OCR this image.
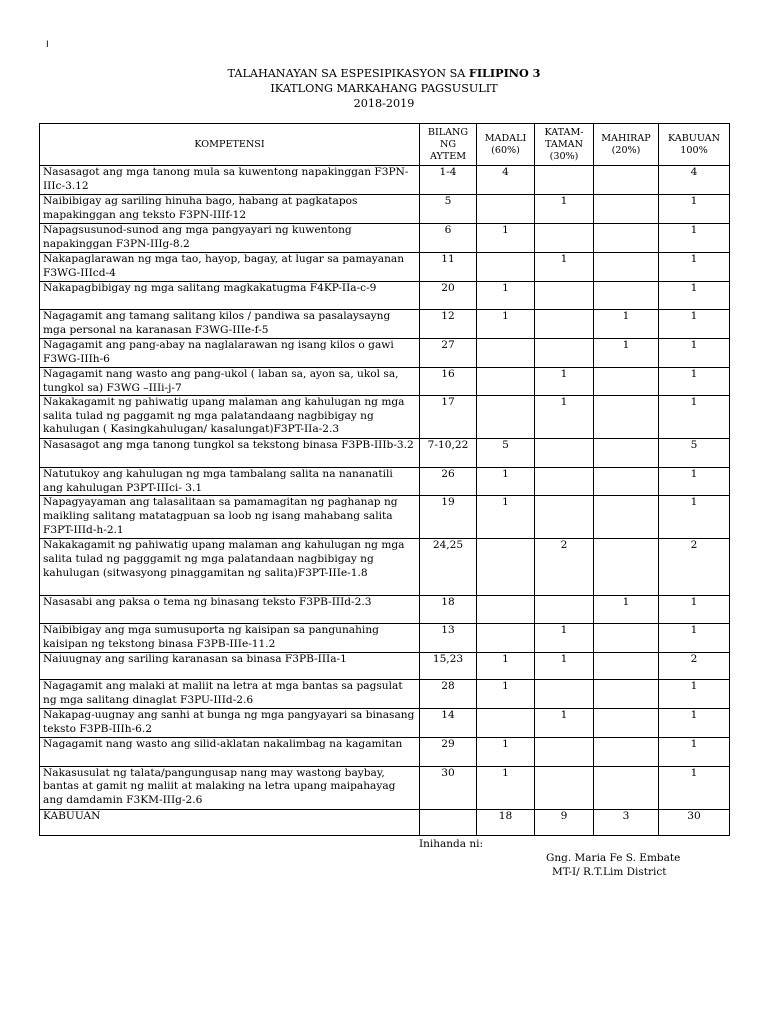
I
TALAHANAYAN SA ESPESIPIKASYON SA FILIPINO 3
IKATLONG MARKAHANG PAGSUSULIT
2018-2019
KOMPETENSI	BILANG NG AYTEM	MADALI (60%)	KATAM-TAMAN (30%)	MAHIRAP (20%)	KABUUAN 100%
Nasasagot ang mga tanong mula sa kuwentong napakinggan F3PN-IIIc-3.12	1-4	4			4
Naibibigay ag sariling hinuha bago, habang at pagkatapos mapakinggan ang teksto F3PN-IIIf-12	5		1		1
Napagsusunod-sunod ang mga pangyayari ng kuwentong napakinggan F3PN-IIIg-8.2	6	1			1
Nakapaglarawan ng mga tao, hayop, bagay, at lugar sa pamayanan F3WG-IIIcd-4	11		1		1
Nakapagbibigay ng mga salitang magkakatugma F4KP-IIa-c-9	20	1			1
Nagagamit ang tamang salitang kilos / pandiwa sa pasalaysayng mga personal na karanasan F3WG-IIIe-f-5	12	1		1	1
Nagagamit ang pang-abay na naglalarawan ng isang kilos o gawi F3WG-IIIh-6	27			1	1
Nagagamit nang wasto ang pang-ukol ( laban sa, ayon sa, ukol sa, tungkol sa) F3WG –IIIi-j-7	16		1		1
Nakakagamit ng pahiwatig upang malaman ang kahulugan ng mga salita tulad ng paggamit ng mga palatandaang nagbibigay ng kahulugan ( Kasingkahulugan/ kasalungat)F3PT-IIa-2.3	17		1		1
Nasasagot ang mga tanong tungkol sa tekstong binasa F3PB-IIIb-3.2	7-10,22	5			5
Natutukoy ang kahulugan ng mga tambalang salita na nananatili ang kahulugan P3PT-IIIci- 3.1	26	1			1
Napagyayaman ang talasalitaan sa pamamagitan ng paghanap ng maikling salitang matatagpuan sa loob ng isang mahabang salita F3PT-IIId-h-2.1	19	1			1
Nakakagamit ng pahiwatig upang malaman ang kahulugan ng mga salita tulad ng pagggamit ng mga palatandaan nagbibigay ng kahulugan (sitwasyong pinaggamitan ng salita)F3PT-IIIe-1.8	24,25		2		2
Nasasabi ang paksa o tema ng binasang teksto F3PB-IIId-2.3	18			1	1
Naibibigay ang mga sumusuporta ng kaisipan sa pangunahing kaisipan ng tekstong binasa F3PB-IIIe-11.2	13		1		1
Naiuugnay ang sariling karanasan sa binasa F3PB-IIIa-1	15,23	1	1		2
Nagagamit ang malaki at maliit na letra at mga bantas sa pagsulat ng mga salitang dinaglat F3PU-IIId-2.6	28	1			1
Nakapag-uugnay ang sanhi at bunga ng mga pangyayari sa binasang teksto F3PB-IIIh-6.2	14		1		1
Nagagamit nang wasto ang silid-aklatan nakalimbag na kagamitan	29	1			1
Nakasusulat ng talata/pangungusap nang may wastong baybay, bantas at gamit ng maliit at malaking na letra upang maipahayag ang damdamin F3KM-IIIg-2.6	30	1			1
KABUUAN		18	9	3	30
Inihanda ni:
Gng. Maria Fe S. Embate
MT-I/ R.T.Lim District
